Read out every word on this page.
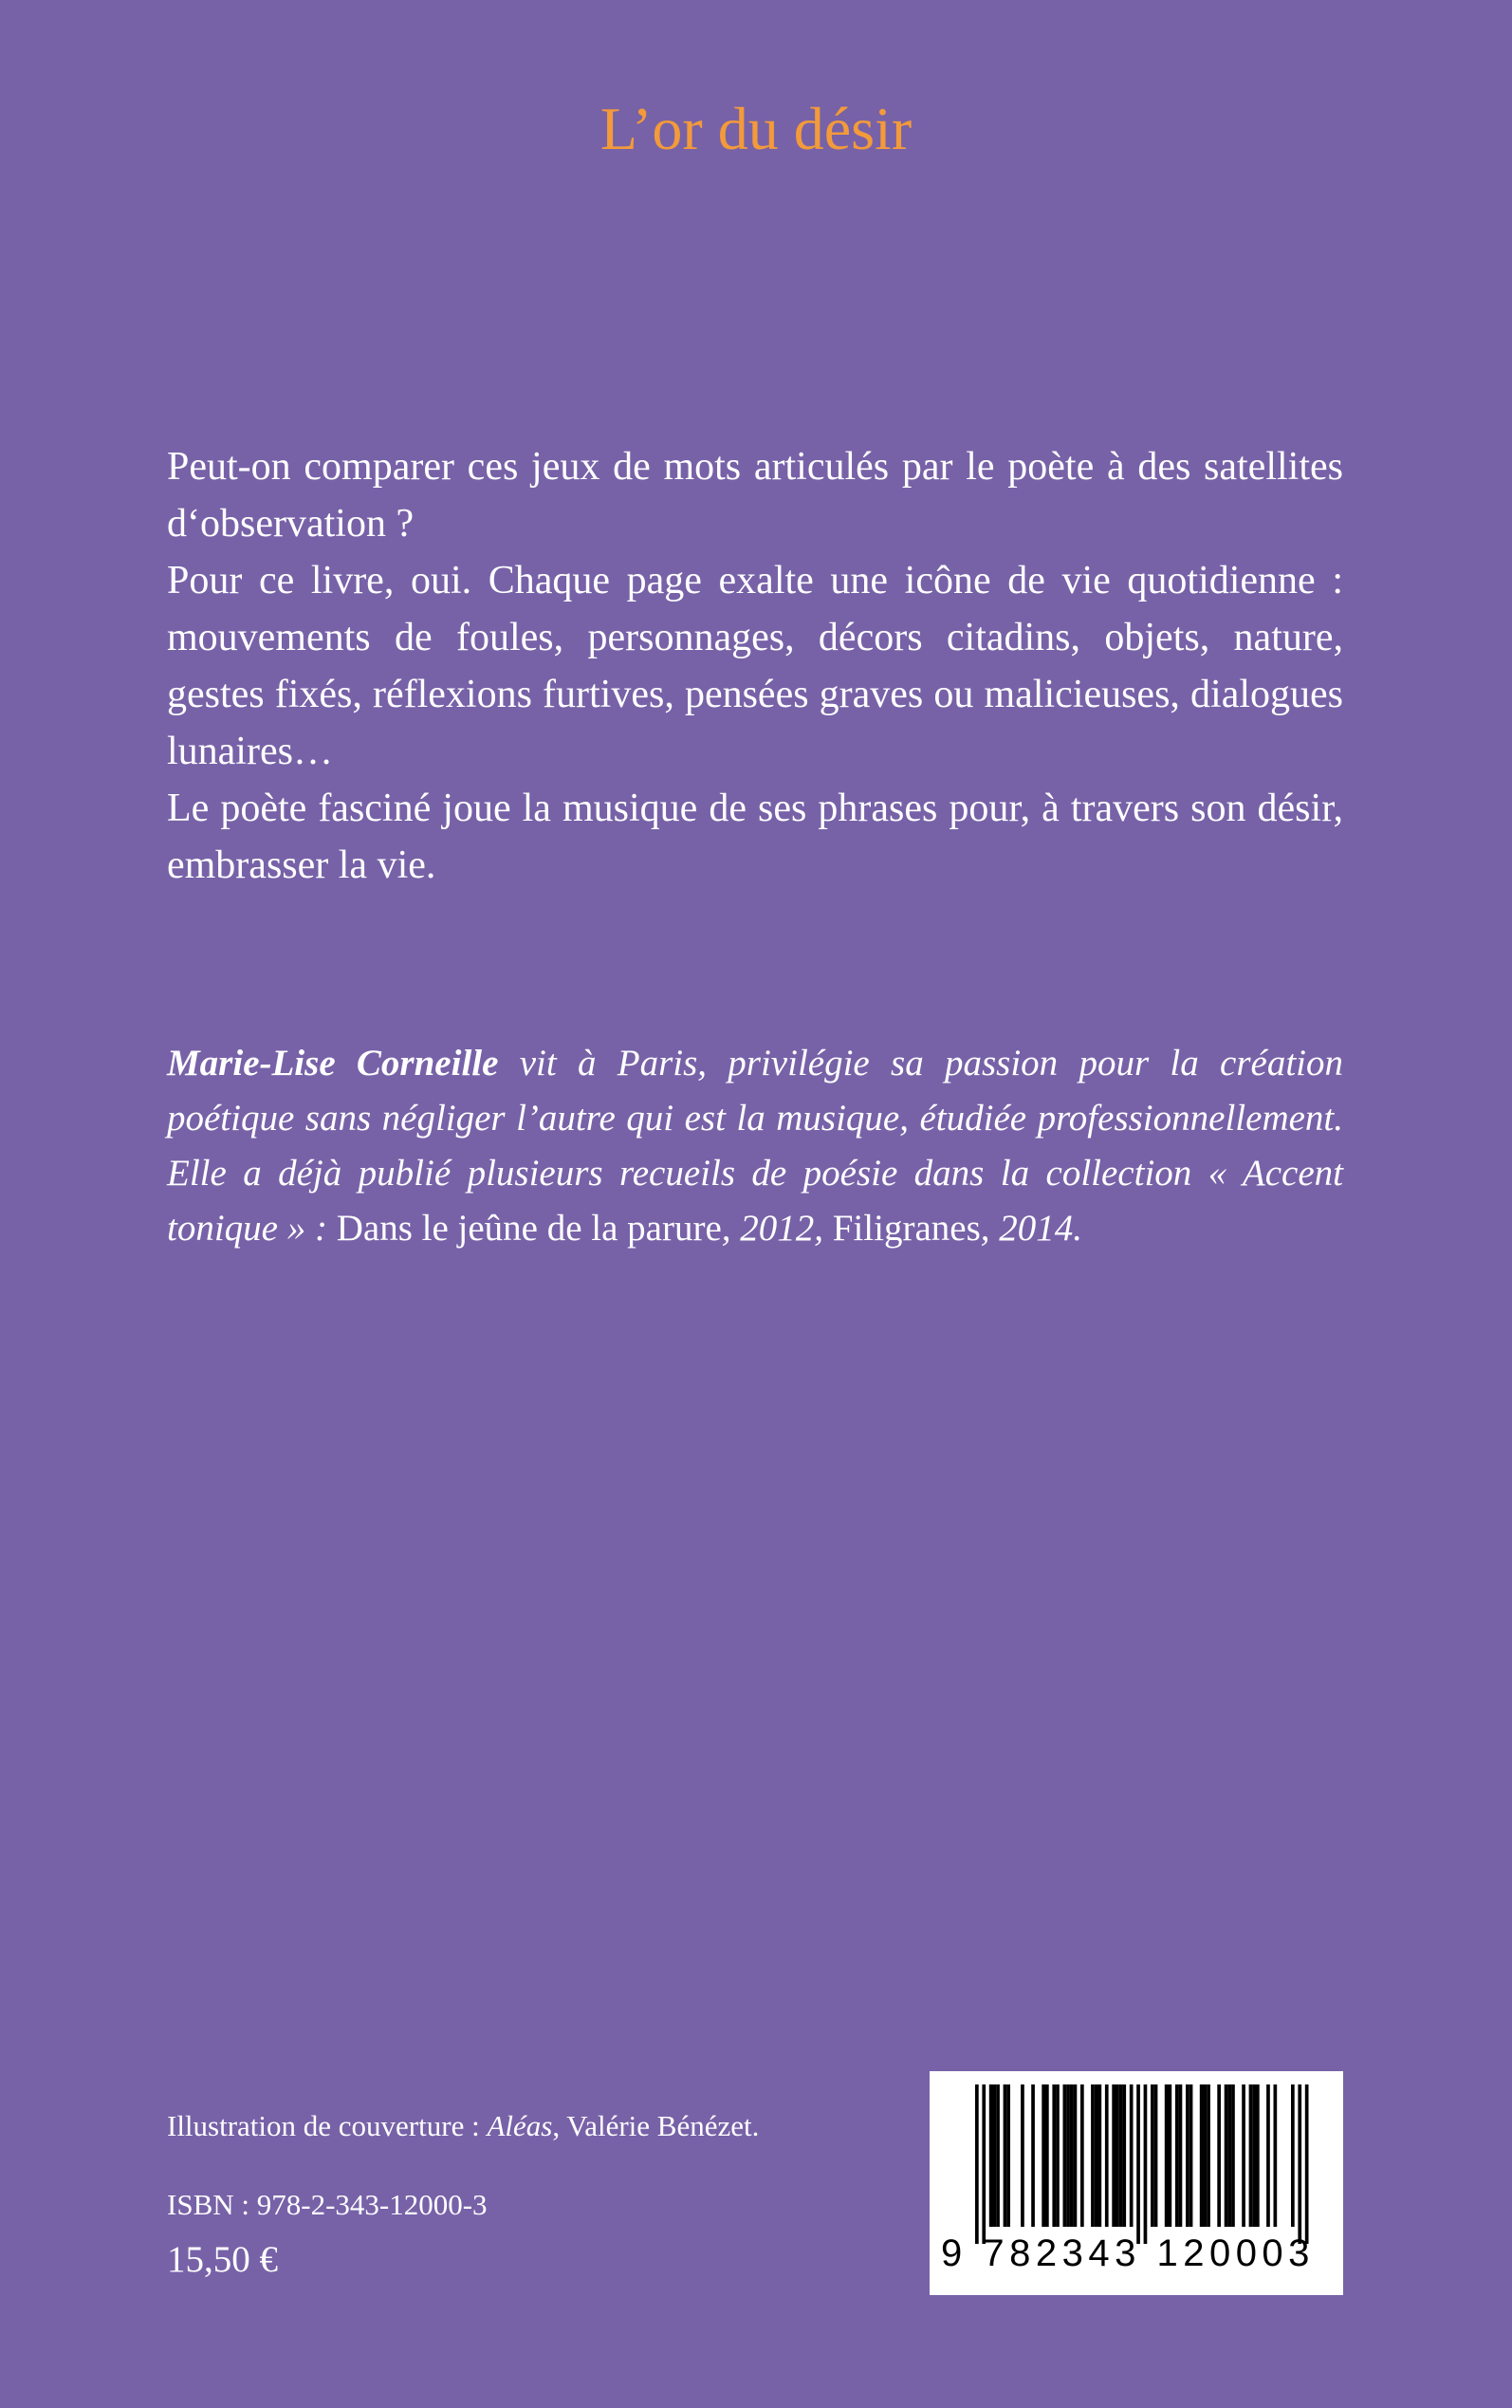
L’or du désir

Peut-on comparer ces jeux de mots articulés par le poète à des satellites d‘observation ?

Pour ce livre, oui. Chaque page exalte une icône de vie quotidienne : mouvements de foules, personnages, décors citadins, objets, nature, gestes fixés, réflexions furtives, pensées graves ou malicieuses, dialogues lunaires…

Le poète fasciné joue la musique de ses phrases pour, à travers son désir, embrasser la vie.

Marie-Lise Corneille vit à Paris, privilégie sa passion pour la création poétique sans négliger l’autre qui est la musique, étudiée professionnellement. Elle a déjà publié plusieurs recueils de poésie dans la collection « Accent tonique » : Dans le jeûne de la parure, 2012, Filigranes, 2014.
Illustration de couverture : Aléas, Valérie Bénézet.
ISBN : 978-2-343-12000-3
15,50 €	9 782343 120003
